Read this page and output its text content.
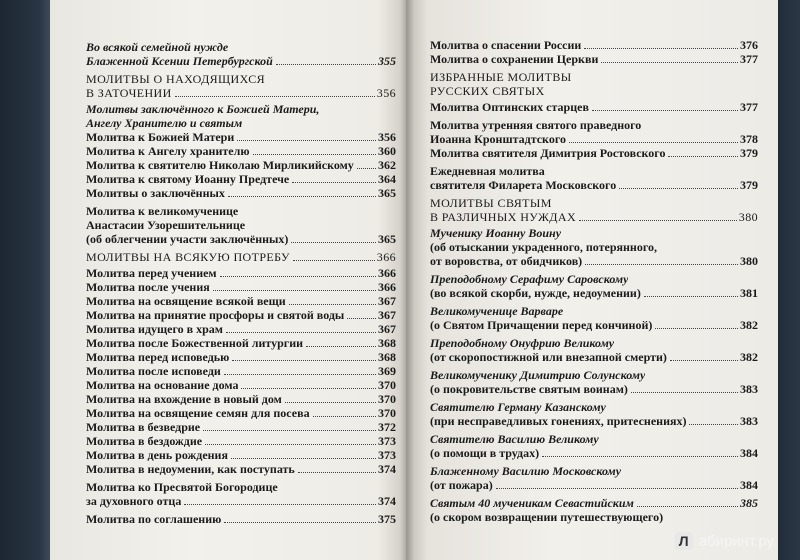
Во всякой семейной нужде
Блаженной Ксении Петербургской	355
МОЛИТВЫ О НАХОДЯЩИХСЯ
В ЗАТОЧЕНИИ	356
Молитвы заключённого к Божией Матери,
Ангелу Хранителю и святым
Молитва к Божией Матери	356
Молитва к Ангелу хранителю	360
Молитва к святителю Николаю Мирликийскому 362
Молитва к святому Иоанну Предтече	364
Молитвы о заключённых	365
Молитва к великомученице
Анастасии Узорешительнице
(об облегчении участи заключённых)	365
МОЛИТВЫ НА ВСЯКУЮ ПОТРЕБУ	366
Молитва перед учением	366
Молитва после учения	366
Молитва на освящение всякой вещи	367
Молитва на принятие просфоры и святой воды	367
Молитва идущего в храм	367
Молитва после Божественной литургии	368
Молитва перед исповедью	368
Молитва после исповеди	369
Молитва на основание дома	370
Молитва на вхождение в новый дом	370
Молитва на освящение семян для посева	370
Молитва в безведрие	372
Молитва в бездождие	373
Молитва в день рождения	373
Молитва в недоумении, как поступать	374
Молитва ко Пресвятой Богородице
за духовного отца	374
Молитва по соглашению	375
Молитва о спасении России	376
Молитва о сохранении Церкви	377
ИЗБРАННЫЕ МОЛИТВЫ
РУССКИХ СВЯТЫХ
Молитва Оптинских старцев	377
Молитва утренняя святого праведного
Иоанна Кронштадтского	378
Молитва святителя Димитрия Ростовского	379
Ежедневная молитва
святителя Филарета Московского	379
МОЛИТВЫ СВЯТЫМ
В РАЗЛИЧНЫХ НУЖДАХ	380
Мученику Иоанну Воину
(об отыскании украденного, потерянного,
от воровства, от обидчиков)	380
Преподобному Серафиму Саровскому
(во всякой скорби, нужде, недоумении)	381
Великомученице Варваре
(о Святом Причащении перед кончиной)	382
Преподобному Онуфрию Великому
(от скоропостижной или внезапной смерти)	382
Великомученику Димитрию Солунскому
(о покровительстве святым воинам)	383
Святителю Герману Казанскому
(при несправедливых гонениях, притеснениях)	383
Святителю Василию Великому
(о помощи в трудах)	384
Блаженному Василию Московскому
(от пожара)	384
Святым 40 мученикам Севастийским	385
(о скором возвращении путешествующего)
Л абиринт.ру
